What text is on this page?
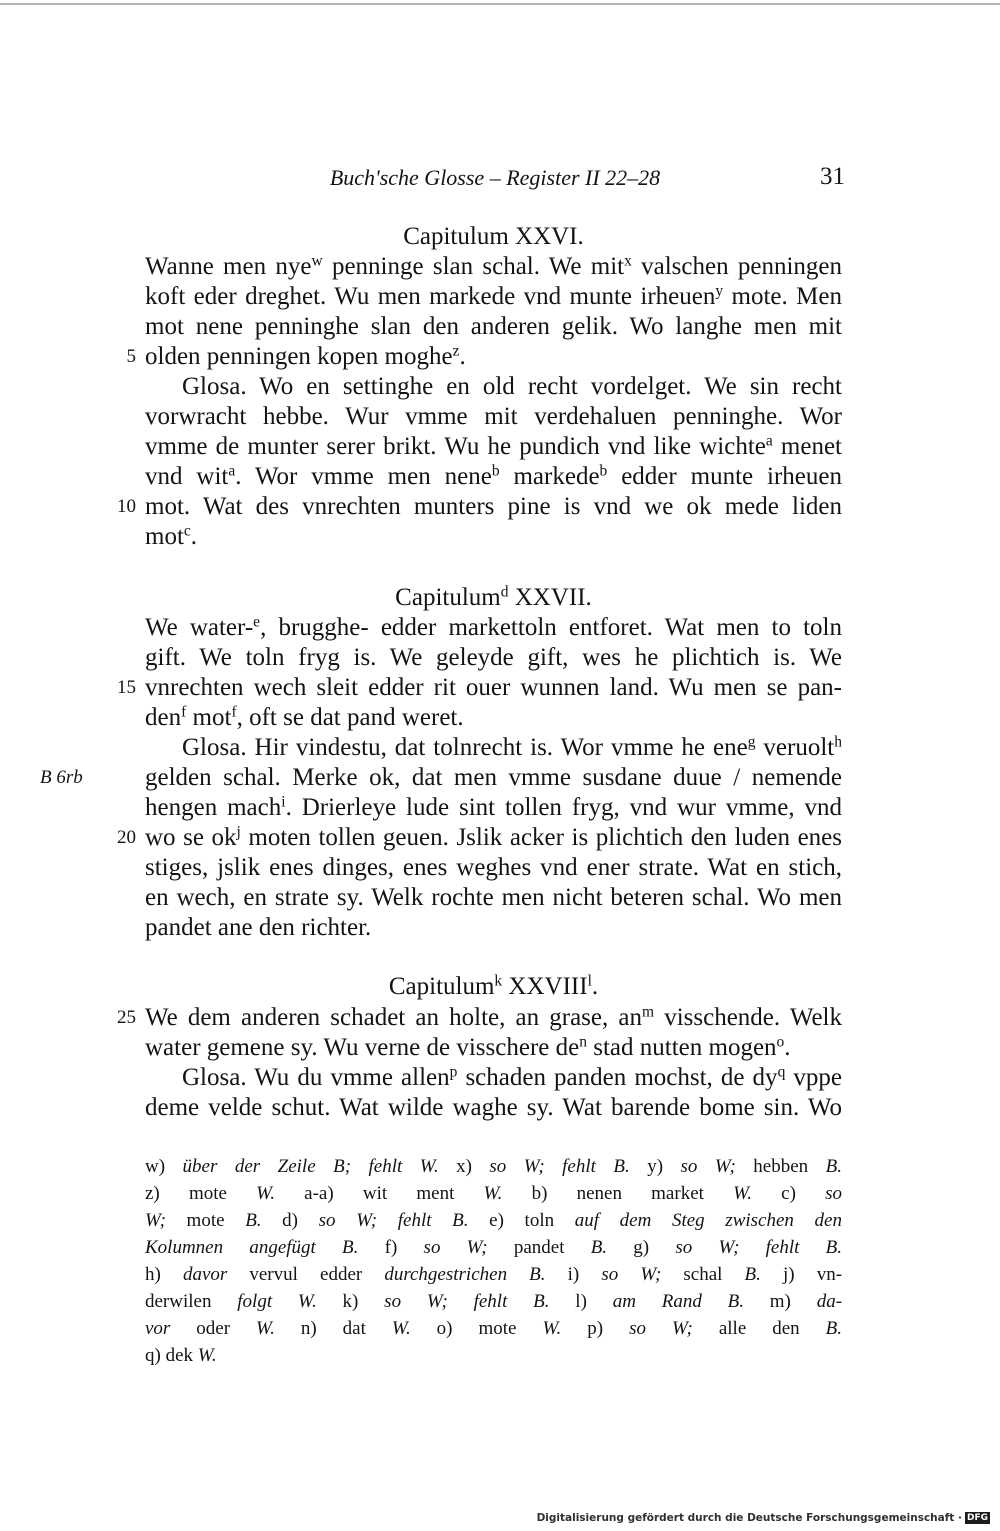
Buch'sche Glosse – Register II 22–28	31
Capitulum XXVI.
Wanne men nye$^w$ penninge slan schal. We mit$^x$ valschen penningen
koft eder dreghet. Wu men markede vnd munte irheuen$^y$ mote. Men
mot nene penninghe slan den anderen gelik. Wo langhe men mit
olden penningen kopen moghe$^z$.
Glosa. Wo en settinghe en old recht vordelget. We sin recht
vorwracht hebbe. Wur vmme mit verdehaluen penninghe. Wor
vmme de munter serer brikt. Wu he pundich vnd like wichte$^a$ menet
vnd wit$^a$. Wor vmme men nene$^b$ markede$^b$ edder munte irheuen
mot. Wat des vnrechten munters pine is vnd we ok mede liden
mot$^c$.
Capitulum$^d$ XXVII.
We water-$^e$, brugghe- edder markettoln entforet. Wat men to toln
gift. We toln fryg is. We geleyde gift, wes he plichtich is. We
vnrechten wech sleit edder rit ouer wunnen land. Wu men se pan-
den$^f$ mot$^f$, oft se dat pand weret.
Glosa. Hir vindestu, dat tolnrecht is. Wor vmme he ene$^g$ veruolt$^h$
gelden schal. Merke ok, dat men vmme susdane duue / nemende
hengen mach$^i$. Drierleye lude sint tollen fryg, vnd wur vmme, vnd
wo se $ok^j$ moten tollen geuen. Jslik acker is plichtich den luden enes
stiges, jslik enes dinges, enes weghes vnd ener strate. Wat en stich,
en wech, en strate sy. Welk rochte men nicht beteren schal. Wo men
pandet ane den richter.
Capitulum$^k$ XXVIII$^l$.
We dem anderen schadet an holte, an grase, $an^m$ visschende. Welk
water gemene sy. Wu verne de visschere $de^n$ stad nutten mogen$^o$.
Glosa. Wu du vmme allen$^p$ schaden panden mochst, de $dy^q$ vppe
deme velde schut. Wat wilde waghe sy. Wat barende bome sin. Wo
5
10
15
20
25
B 6rb
w) über der Zeile B; fehlt W. x) so W; fehlt B. y) so W; hebben B.
z) mote W. a-a) wit ment W. b) nenen market W. c) so
W; mote B. d) so W; fehlt B. e) toln auf dem Steg zwischen den
Kolumnen angefügt B. f) so W; pandet B. g) so W; fehlt B.
h) davor vervul edder durchgestrichen B. i) so W; schal B. j) vn-
derwilen folgt W. k) so W; fehlt B. l) am Rand B. m) da-
vor oder W. n) dat W. o) mote W. p) so W; alle den B.
q) dek W.
Digitalisierung gefördert durch die Deutsche Forschungsgemeinschaft · DFG
